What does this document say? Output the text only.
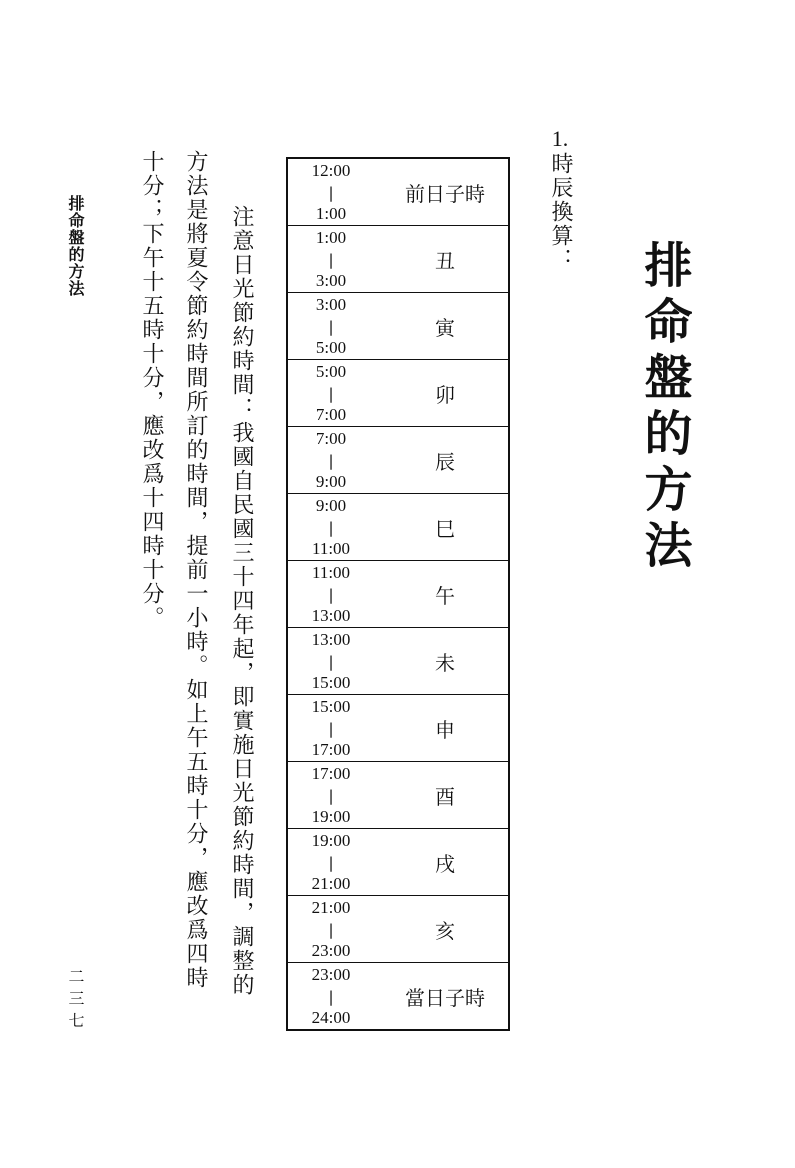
排命盤的方法
1.
時辰換算：
12:00
|
1:00
前日子時
1:00
|
3:00
丑
3:00
|
5:00
寅
5:00
|
7:00
卯
7:00
|
9:00
辰
9:00
|
11:00
巳
11:00
|
13:00
午
13:00
|
15:00
未
15:00
|
17:00
申
17:00
|
19:00
酉
19:00
|
21:00
戌
21:00
|
23:00
亥
23:00
|
24:00
當日子時
注意日光節約時間：我國自民國三十四年起，即實施日光節約時間，調整的
方法是將夏令節約時間所訂的時間，提前一小時。如上午五時十分，應改爲四時
十分；下午十五時十分，應改爲十四時十分。
排命盤的方法
二三七
